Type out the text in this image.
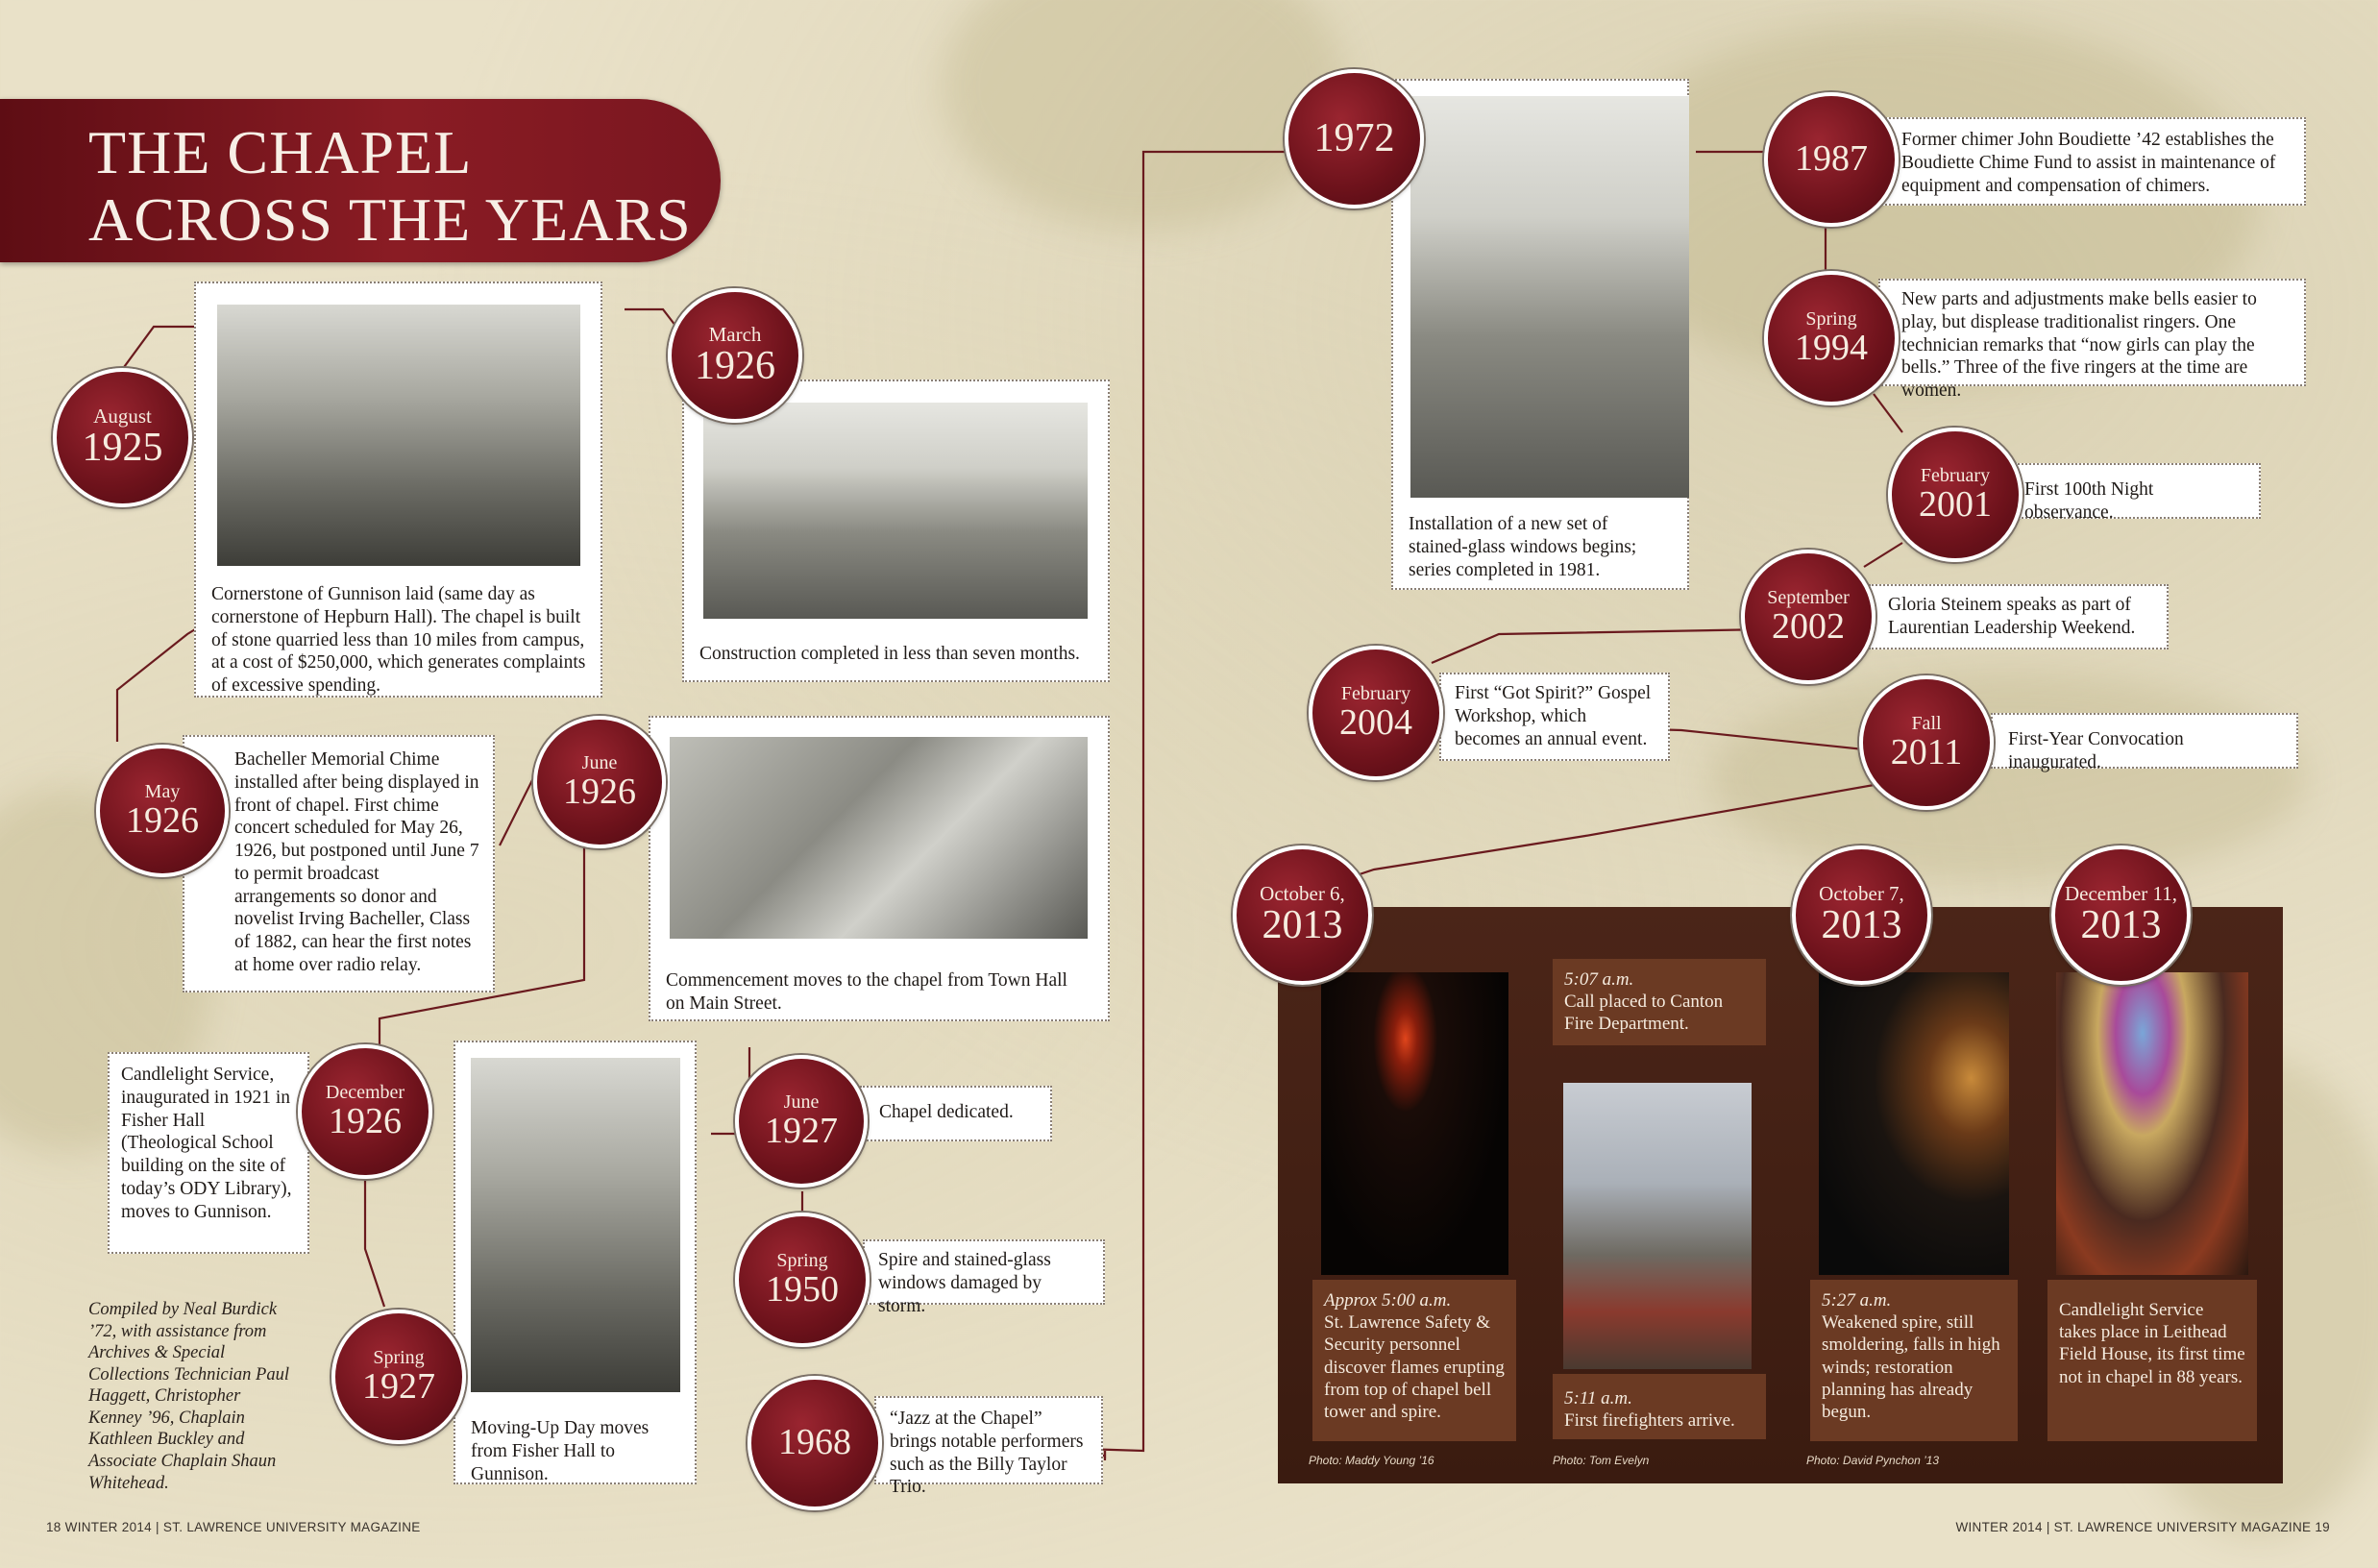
THE CHAPEL
ACROSS THE YEARS
Cornerstone of Gunnison laid (same day as cornerstone of Hepburn Hall). The chapel is built of stone quarried less than 10 miles from campus, at a cost of $250,000, which generates complaints of excessive spending.
August
1925
Construction completed in less than seven months.
March
1926
Bacheller Memorial Chime installed after being displayed in front of chapel. First chime concert scheduled for May 26, 1926, but postponed until June 7 to permit broadcast arrangements so donor and novelist Irving Bacheller, Class of 1882, can hear the first notes at home over radio relay.
May
1926
Commencement moves to the chapel from Town Hall on Main Street.
June
1926
Candlelight Service, inaugurated in 1921 in Fisher Hall (Theological School building on the site of today’s ODY Library), moves to Gunnison.
December
1926
Moving-Up Day moves from Fisher Hall to Gunnison.
Spring
1927
Chapel dedicated.
June
1927
Spire and stained-glass windows damaged by storm.
Spring
1950
“Jazz at the Chapel” brings notable performers such as the Billy Taylor Trio.
1968
Installation of a new set of stained-glass windows begins; series completed in 1981.
1972	Former chimer John Boudiette ’42 establishes the Boudiette Chime Fund to assist in maintenance of equipment and compensation of chimers.
1987
New parts and adjustments make bells easier to play, but displease traditionalist ringers. One technician remarks that “now girls can play the bells.” Three of the five ringers at the time are women.
Spring
1994
First 100th Night observance.
February
2001
Gloria Steinem speaks as part of Laurentian Leadership Weekend.
September
2002
First “Got Spirit?” Gospel Workshop, which becomes an annual event.
February
2004	First-Year Convocation inaugurated.
Fall
2011
Approx 5:00 a.m.
St. Lawrence Safety & Security personnel discover flames erupting from top of chapel bell tower and spire.
Photo: Maddy Young ’16
5:07 a.m.
Call placed to Canton Fire Department.
5:11 a.m.
First firefighters arrive.
Photo: Tom Evelyn
5:27 a.m.
Weakened spire, still smoldering, falls in high winds; restoration planning has already begun.
Photo: David Pynchon ’13
Candlelight Service takes place in Leithead Field House, its first time not in chapel in 88 years.
October 6,
2013
October 7,
2013
December 11,
2013
Compiled by Neal Burdick ’72, with assistance from Archives & Special Collections Technician Paul Haggett, Christopher Kenney ’96, Chaplain Kathleen Buckley and Associate Chaplain Shaun Whitehead.
18 WINTER 2014 | ST. LAWRENCE UNIVERSITY MAGAZINE	WINTER 2014 | ST. LAWRENCE UNIVERSITY MAGAZINE 19
